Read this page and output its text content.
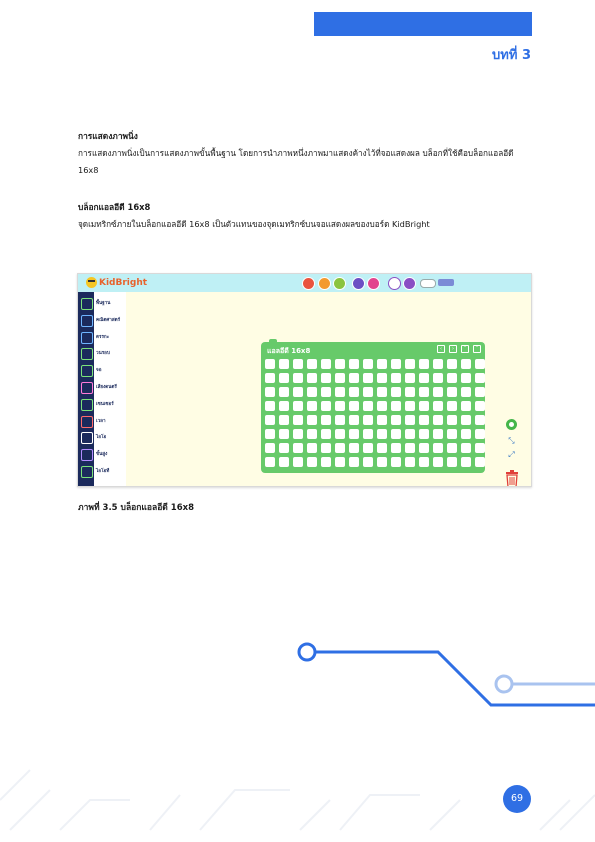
บทที่ 3
การแสดงภาพนิ่ง

การแสดงภาพนิ่งเป็นการแสดงภาพขั้นพื้นฐาน โดยการนำภาพหนึ่งภาพมาแสดงค้างไว้ที่จอแสดงผล บล็อกที่ใช้คือบล็อกแอลอีดี 16x8

บล็อกแอลอีดี 16x8

จุดเมทริกซ์ภายในบล็อกแอลอีดี 16x8 เป็นตัวแทนของจุดเมทริกซ์บนจอแสดงผลของบอร์ด KidBright

KidBright
พื้นฐาน
คณิตศาสตร์
ตรรกะ
วนรอบ
จอ
เสียงดนตรี
เซนเซอร์
เวลา
ไอโอ
ขั้นสูง
ไอโอที
แอลอีดี 16x8	‹	›	˄	˅
⤡
⤢
ภาพที่ 3.5 บล็อกแอลอีดี 16x8
69
